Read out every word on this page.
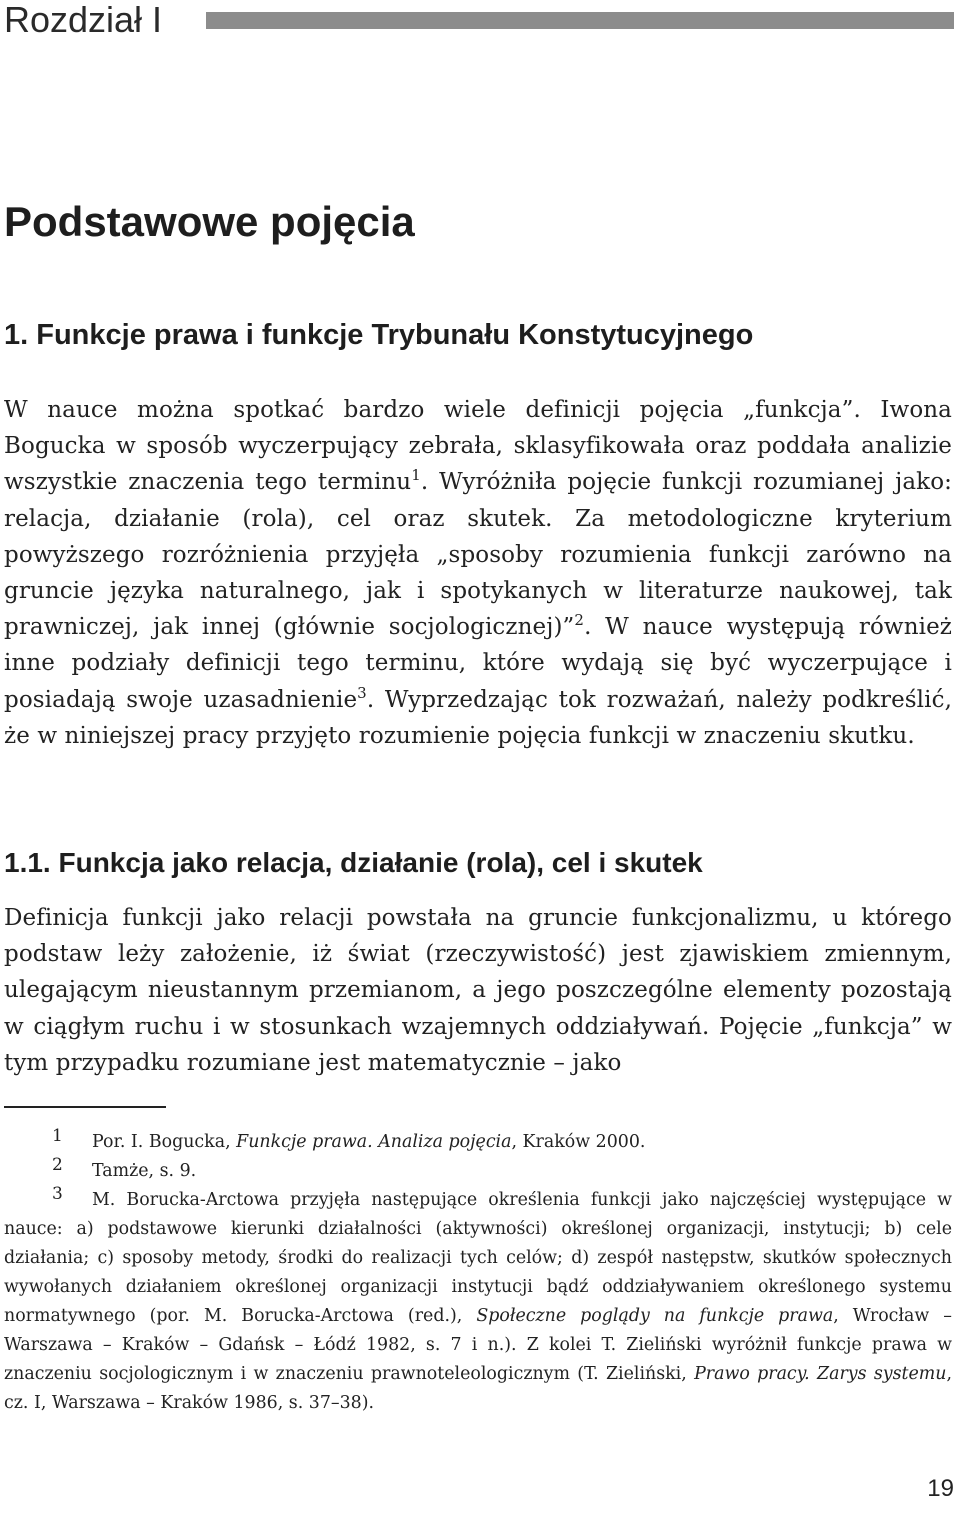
Rozdział I
Podstawowe pojęcia
1. Funkcje prawa i funkcje Trybunału Konstytucyjnego

W nauce można spotkać bardzo wiele definicji pojęcia „funkcja”. Iwona Bogucka w sposób wyczerpujący zebrała, sklasyfikowała oraz poddała analizie wszystkie znaczenia tego terminu$^1$. Wyróżniła pojęcie funkcji rozumianej jako: relacja, działanie (rola), cel oraz skutek. Za metodologiczne kryterium powyższego rozróżnienia przyjęła „sposoby rozumienia funkcji zarówno na gruncie języka naturalnego, jak i spotykanych w literaturze naukowej, tak prawniczej, jak innej (głównie socjologicznej)”$^2$. W nauce występują również inne podziały definicji tego terminu, które wydają się być wyczerpujące i posiadają swoje uzasadnienie$^3$. Wyprzedzając tok rozważań, należy podkreślić, że w niniejszej pracy przyjęto rozumienie pojęcia funkcji w znaczeniu skutku.

1.1. Funkcja jako relacja, działanie (rola), cel i skutek

Definicja funkcji jako relacji powstała na gruncie funkcjonalizmu, u którego podstaw leży założenie, iż świat (rzeczywistość) jest zjawiskiem zmiennym, ulegającym nieustannym przemianom, a jego poszczególne elementy pozostają w ciągłym ruchu i w stosunkach wzajemnych oddziaływań. Pojęcie „funkcja” w tym przypadku rozumiane jest matematycznie – jako

1 Por. I. Bogucka, Funkcje prawa. Analiza pojęcia, Kraków 2000.

2 Tamże, s. 9.

3 M. Borucka-Arctowa przyjęła następujące określenia funkcji jako najczęściej występujące w nauce: a) podstawowe kierunki działalności (aktywności) określonej organizacji, instytucji; b) cele działania; c) sposoby metody, środki do realizacji tych celów; d) zespół następstw, skutków społecznych wywołanych działaniem określonej organizacji instytucji bądź oddziaływaniem określonego systemu normatywnego (por. M. Borucka-Arctowa (red.), Społeczne poglądy na funkcje prawa, Wrocław – Warszawa – Kraków – Gdańsk – Łódź 1982, s. 7 i n.). Z kolei T. Zieliński wyróżnił funkcje prawa w znaczeniu socjologicznym i w znaczeniu prawnoteleologicznym (T. Zieliński, Prawo pracy. Zarys systemu, cz. I, Warszawa – Kraków 1986, s. 37–38).

19
